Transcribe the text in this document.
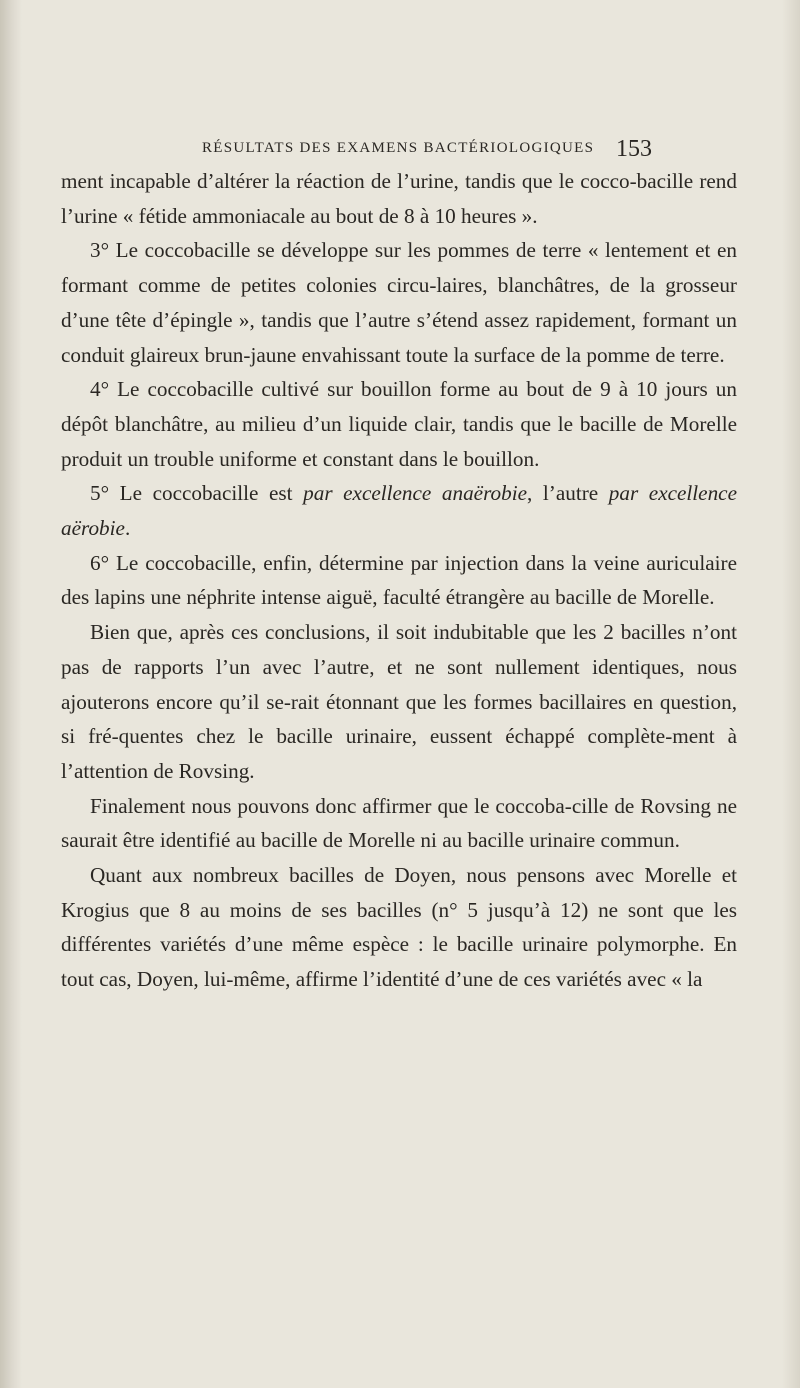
RÉSULTATS DES EXAMENS BACTÉRIOLOGIQUES 153

ment incapable d’altérer la réaction de l’urine, tandis que le cocco-bacille rend l’urine « fétide ammoniacale au bout de 8 à 10 heures ».

3° Le coccobacille se développe sur les pommes de terre « lentement et en formant comme de petites colonies circu-laires, blanchâtres, de la grosseur d’une tête d’épingle », tandis que l’autre s’étend assez rapidement, formant un conduit glaireux brun-jaune envahissant toute la surface de la pomme de terre.

4° Le coccobacille cultivé sur bouillon forme au bout de 9 à 10 jours un dépôt blanchâtre, au milieu d’un liquide clair, tandis que le bacille de Morelle produit un trouble uniforme et constant dans le bouillon.

5° Le coccobacille est par excellence anaërobie, l’autre par excellence aërobie.

6° Le coccobacille, enfin, détermine par injection dans la veine auriculaire des lapins une néphrite intense aiguë, faculté étrangère au bacille de Morelle.

Bien que, après ces conclusions, il soit indubitable que les 2 bacilles n’ont pas de rapports l’un avec l’autre, et ne sont nullement identiques, nous ajouterons encore qu’il se-rait étonnant que les formes bacillaires en question, si fré-quentes chez le bacille urinaire, eussent échappé complète-ment à l’attention de Rovsing.

Finalement nous pouvons donc affirmer que le coccoba-cille de Rovsing ne saurait être identifié au bacille de Morelle ni au bacille urinaire commun.

Quant aux nombreux bacilles de Doyen, nous pensons avec Morelle et Krogius que 8 au moins de ses bacilles (n° 5 jusqu’à 12) ne sont que les différentes variétés d’une même espèce : le bacille urinaire polymorphe. En tout cas, Doyen, lui-même, affirme l’identité d’une de ces variétés avec « la
